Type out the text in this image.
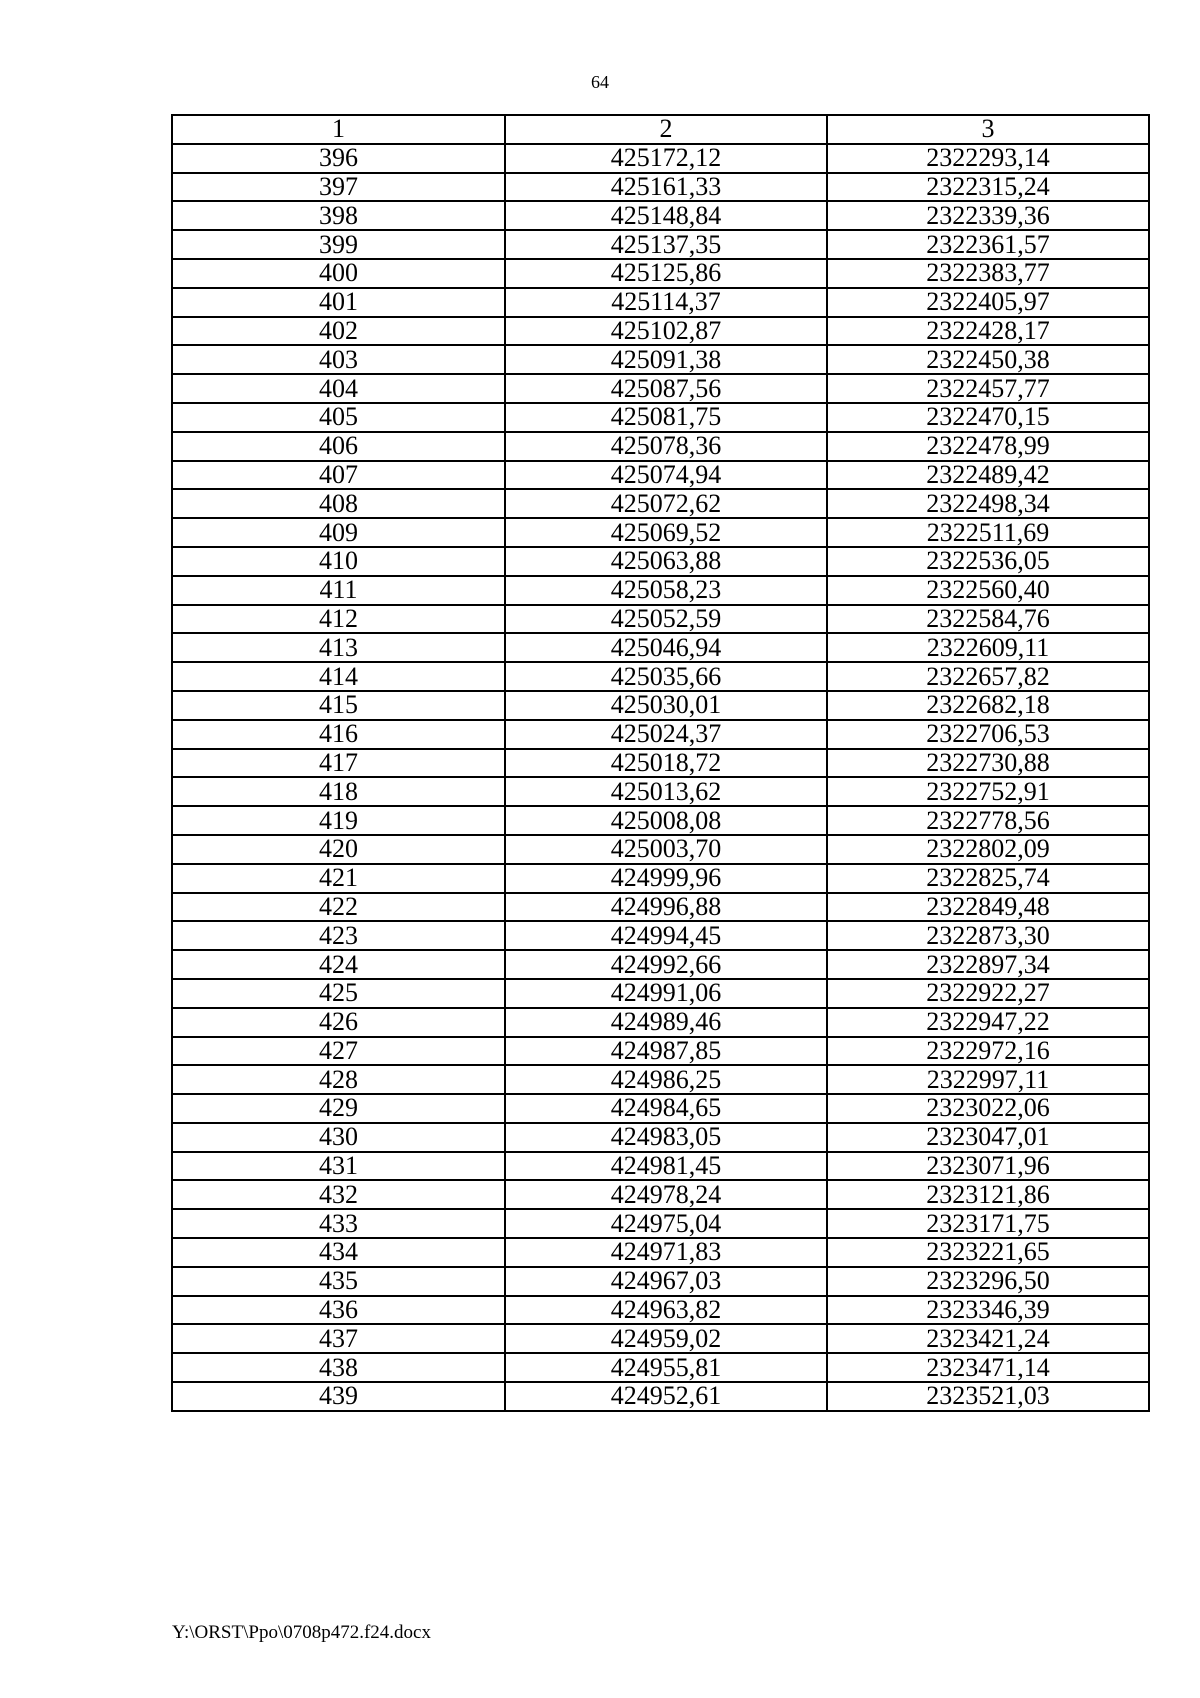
64
1	2	3
396	425172,12	2322293,14
397	425161,33	2322315,24
398	425148,84	2322339,36
399	425137,35	2322361,57
400	425125,86	2322383,77
401	425114,37	2322405,97
402	425102,87	2322428,17
403	425091,38	2322450,38
404	425087,56	2322457,77
405	425081,75	2322470,15
406	425078,36	2322478,99
407	425074,94	2322489,42
408	425072,62	2322498,34
409	425069,52	2322511,69
410	425063,88	2322536,05
411	425058,23	2322560,40
412	425052,59	2322584,76
413	425046,94	2322609,11
414	425035,66	2322657,82
415	425030,01	2322682,18
416	425024,37	2322706,53
417	425018,72	2322730,88
418	425013,62	2322752,91
419	425008,08	2322778,56
420	425003,70	2322802,09
421	424999,96	2322825,74
422	424996,88	2322849,48
423	424994,45	2322873,30
424	424992,66	2322897,34
425	424991,06	2322922,27
426	424989,46	2322947,22
427	424987,85	2322972,16
428	424986,25	2322997,11
429	424984,65	2323022,06
430	424983,05	2323047,01
431	424981,45	2323071,96
432	424978,24	2323121,86
433	424975,04	2323171,75
434	424971,83	2323221,65
435	424967,03	2323296,50
436	424963,82	2323346,39
437	424959,02	2323421,24
438	424955,81	2323471,14
439	424952,61	2323521,03
Y:\ORST\Ppo\0708p472.f24.docx
